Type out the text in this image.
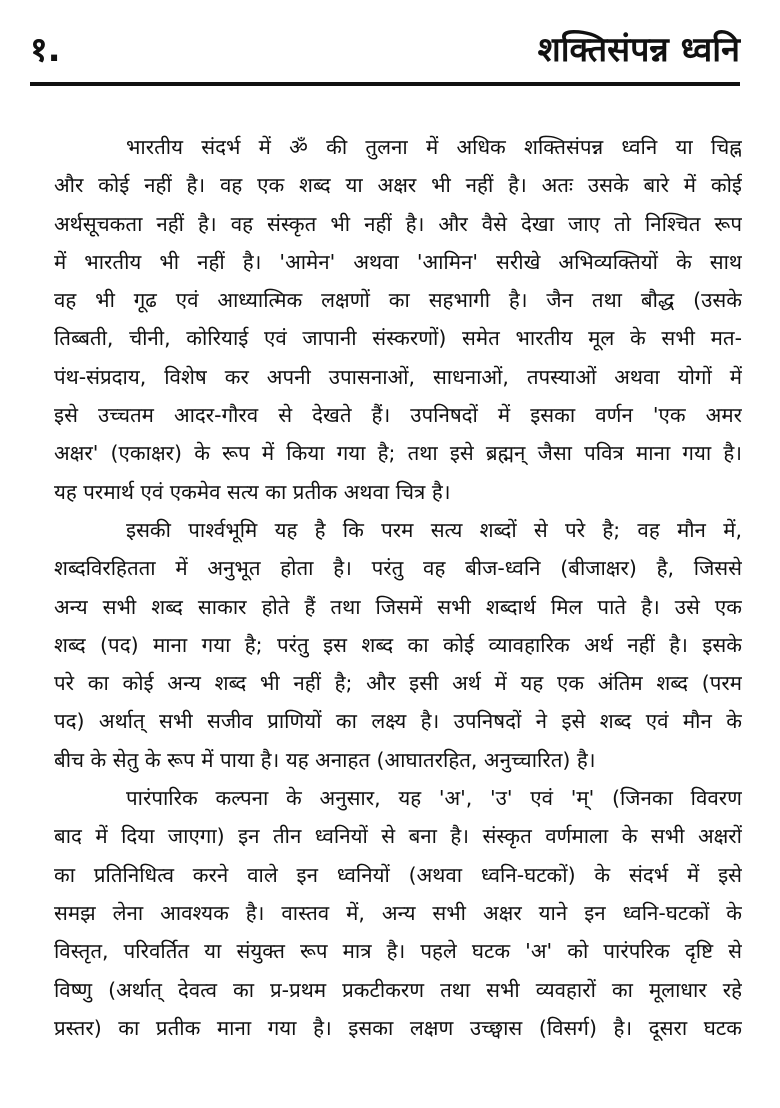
१.	शक्तिसंपन्न ध्वनि
भारतीय संदर्भ में ॐ की तुलना में अधिक शक्तिसंपन्न ध्वनि या चिह्न
और कोई नहीं है। वह एक शब्द या अक्षर भी नहीं है। अतः उसके बारे में कोई
अर्थसूचकता नहीं है। वह संस्कृत भी नहीं है। और वैसे देखा जाए तो निश्चित रूप
में भारतीय भी नहीं है। 'आमेन' अथवा 'आमिन' सरीखे अभिव्यक्तियों के साथ
वह भी गूढ एवं आध्यात्मिक लक्षणों का सहभागी है। जैन तथा बौद्ध (उसके
तिब्बती, चीनी, कोरियाई एवं जापानी संस्करणों) समेत भारतीय मूल के सभी मत-
पंथ-संप्रदाय, विशेष कर अपनी उपासनाओं, साधनाओं, तपस्याओं अथवा योगों में
इसे उच्चतम आदर-गौरव से देखते हैं। उपनिषदों में इसका वर्णन 'एक अमर
अक्षर' (एकाक्षर) के रूप में किया गया है; तथा इसे ब्रह्मन् जैसा पवित्र माना गया है।
यह परमार्थ एवं एकमेव सत्य का प्रतीक अथवा चित्र है।
इसकी पार्श्वभूमि यह है कि परम सत्य शब्दों से परे है; वह मौन में,
शब्दविरहितता में अनुभूत होता है। परंतु वह बीज-ध्वनि (बीजाक्षर) है, जिससे
अन्य सभी शब्द साकार होते हैं तथा जिसमें सभी शब्दार्थ मिल पाते है। उसे एक
शब्द (पद) माना गया है; परंतु इस शब्द का कोई व्यावहारिक अर्थ नहीं है। इसके
परे का कोई अन्य शब्द भी नहीं है; और इसी अर्थ में यह एक अंतिम शब्द (परम
पद) अर्थात् सभी सजीव प्राणियों का लक्ष्य है। उपनिषदों ने इसे शब्द एवं मौन के
बीच के सेतु के रूप में पाया है। यह अनाहत (आघातरहित, अनुच्चारित) है।
पारंपारिक कल्पना के अनुसार, यह 'अ', 'उ' एवं 'म्' (जिनका विवरण
बाद में दिया जाएगा) इन तीन ध्वनियों से बना है। संस्कृत वर्णमाला के सभी अक्षरों
का प्रतिनिधित्व करने वाले इन ध्वनियों (अथवा ध्वनि-घटकों) के संदर्भ में इसे
समझ लेना आवश्यक है। वास्तव में, अन्य सभी अक्षर याने इन ध्वनि-घटकों के
विस्तृत, परिवर्तित या संयुक्त रूप मात्र है। पहले घटक 'अ' को पारंपरिक दृष्टि से
विष्णु (अर्थात् देवत्व का प्र-प्रथम प्रकटीकरण तथा सभी व्यवहारों का मूलाधार रहे
प्रस्तर) का प्रतीक माना गया है। इसका लक्षण उच्छ्वास (विसर्ग) है। दूसरा घटक
